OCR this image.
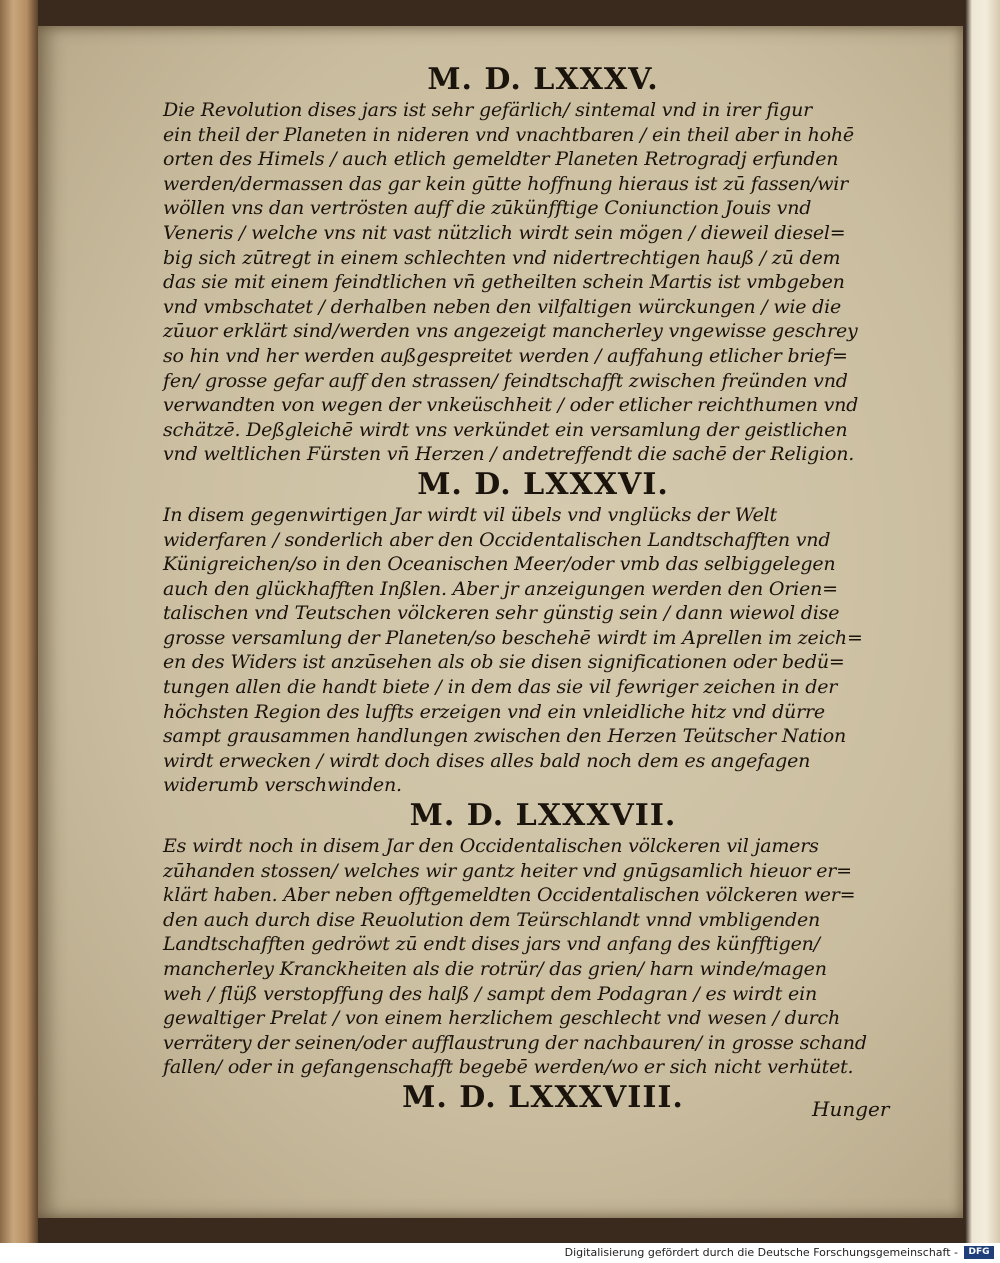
M. D. LXXXV.
Die Revolution dises jars ist sehr gefärlich/ sintemal vnd in irer figur
ein theil der Planeten in nideren vnd vnachtbaren / ein theil aber in hohē
orten des Himels / auch etlich gemeldter Planeten Retrogradj erfunden
werden/dermassen das gar kein gūtte hoffnung hieraus ist zū fassen/wir
wöllen vns dan vertrösten auff die zūkünfftige Coniunction Jouis vnd
Veneris / welche vns nit vast nützlich wirdt sein mögen / dieweil diesel=
big sich zūtregt in einem schlechten vnd nidertrechtigen hauß / zū dem
das sie mit einem feindtlichen vn̄ getheilten schein Martis ist vmbgeben
vnd vmbschatet / derhalben neben den vilfaltigen würckungen / wie die
zūuor erklärt sind/werden vns angezeigt mancherley vngewisse geschrey
so hin vnd her werden außgespreitet werden / auffahung etlicher brief=
fen/ grosse gefar auff den strassen/ feindtschafft zwischen freünden vnd
verwandten von wegen der vnkeüschheit / oder etlicher reichthumen vnd
schätzē. Deßgleichē wirdt vns verkündet ein versamlung der geistlichen
vnd weltlichen Fürsten vn̄ Herzen / andetreffendt die sachē der Religion.
M. D. LXXXVI.
In disem gegenwirtigen Jar wirdt vil übels vnd vnglücks der Welt
widerfaren / sonderlich aber den Occidentalischen Landtschafften vnd
Künigreichen/so in den Oceanischen Meer/oder vmb das selbiggelegen
auch den glückhafften Inßlen. Aber jr anzeigungen werden den Orien=
talischen vnd Teutschen völckeren sehr günstig sein / dann wiewol dise
grosse versamlung der Planeten/so beschehē wirdt im Aprellen im zeich=
en des Widers ist anzūsehen als ob sie disen significationen oder bedü=
tungen allen die handt biete / in dem das sie vil fewriger zeichen in der
höchsten Region des luffts erzeigen vnd ein vnleidliche hitz vnd dürre
sampt grausammen handlungen zwischen den Herzen Teütscher Nation
wirdt erwecken / wirdt doch dises alles bald noch dem es angefagen
widerumb verschwinden.
M. D. LXXXVII.
Es wirdt noch in disem Jar den Occidentalischen völckeren vil jamers
zūhanden stossen/ welches wir gantz heiter vnd gnūgsamlich hieuor er=
klärt haben. Aber neben offtgemeldten Occidentalischen völckeren wer=
den auch durch dise Reuolution dem Teürschlandt vnnd vmbligenden
Landtschafften gedröwt zū endt dises jars vnd anfang des künfftigen/
mancherley Kranckheiten als die rotrür/ das grien/ harn winde/magen
weh / flüß verstopffung des halß / sampt dem Podagran / es wirdt ein
gewaltiger Prelat / von einem herzlichem geschlecht vnd wesen / durch
verrätery der seinen/oder aufflaustrung der nachbauren/ in grosse schand
fallen/ oder in gefangenschafft begebē werden/wo er sich nicht verhütet.
M. D. LXXXVIII.	Hunger
Digitalisierung gefördert durch die Deutsche Forschungsgemeinschaft -	DFG
